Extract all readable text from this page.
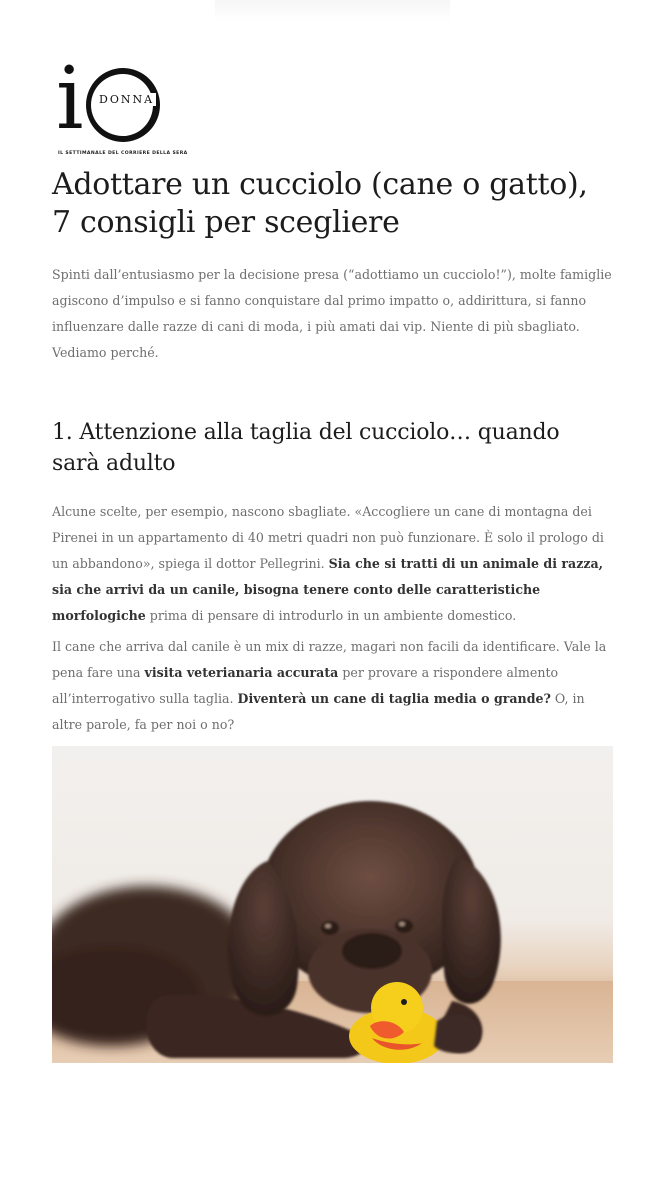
i DONNA
IL SETTIMANALE DEL CORRIERE DELLA SERA
Adottare un cucciolo (cane o gatto), 7 consigli per scegliere

Spinti dall’entusiasmo per la decisione presa (“adottiamo un cucciolo!”), molte famiglie agiscono d’impulso e si fanno conquistare dal primo impatto o, addirittura, si fanno influenzare dalle razze di cani di moda, i più amati dai vip. Niente di più sbagliato. Vediamo perché.

1. Attenzione alla taglia del cucciolo… quando sarà adulto

Alcune scelte, per esempio, nascono sbagliate. «Accogliere un cane di montagna dei Pirenei in un appartamento di 40 metri quadri non può funzionare. È solo il prologo di un abbandono», spiega il dottor Pellegrini. Sia che si tratti di un animale di razza, sia che arrivi da un canile, bisogna tenere conto delle caratteristiche morfologiche prima di pensare di introdurlo in un ambiente domestico.

Il cane che arriva dal canile è un mix di razze, magari non facili da identificare. Vale la pena fare una visita veterianaria accurata per provare a rispondere almento all’interrogativo sulla taglia. Diventerà un cane di taglia media o grande? O, in altre parole, fa per noi o no?
